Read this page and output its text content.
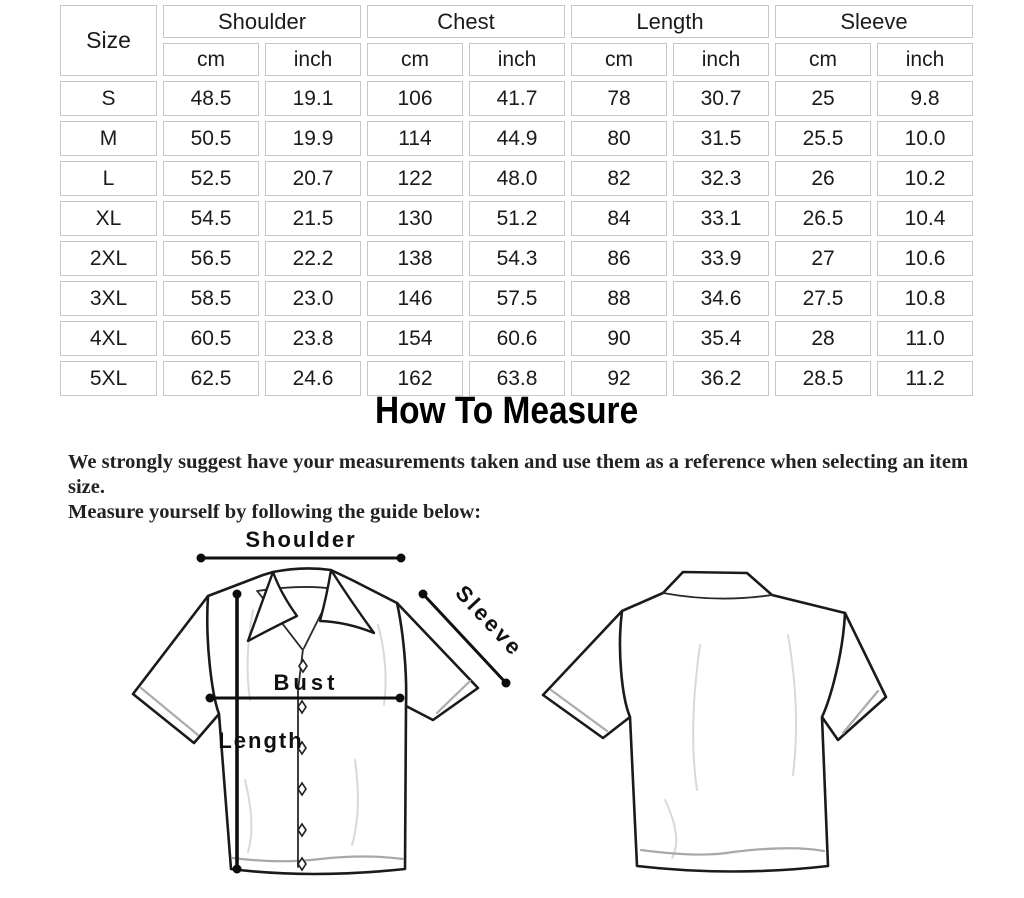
Size	Shoulder		Chest		Length		Sleeve	
	cm	inch	cm	inch	cm	inch	cm	inch
S	48.5	19.1	106	41.7	78	30.7	25	9.8
M	50.5	19.9	114	44.9	80	31.5	25.5	10.0
L	52.5	20.7	122	48.0	82	32.3	26	10.2
XL	54.5	21.5	130	51.2	84	33.1	26.5	10.4
2XL	56.5	22.2	138	54.3	86	33.9	27	10.6
3XL	58.5	23.0	146	57.5	88	34.6	27.5	10.8
4XL	60.5	23.8	154	60.6	90	35.4	28	11.0
5XL	62.5	24.6	162	63.8	92	36.2	28.5	11.2
How To Measure
We strongly suggest have your measurements taken and use them as a reference when selecting an item size.
Measure yourself by following the guide below:
Shoulder
Sleeve
Bust
Length
